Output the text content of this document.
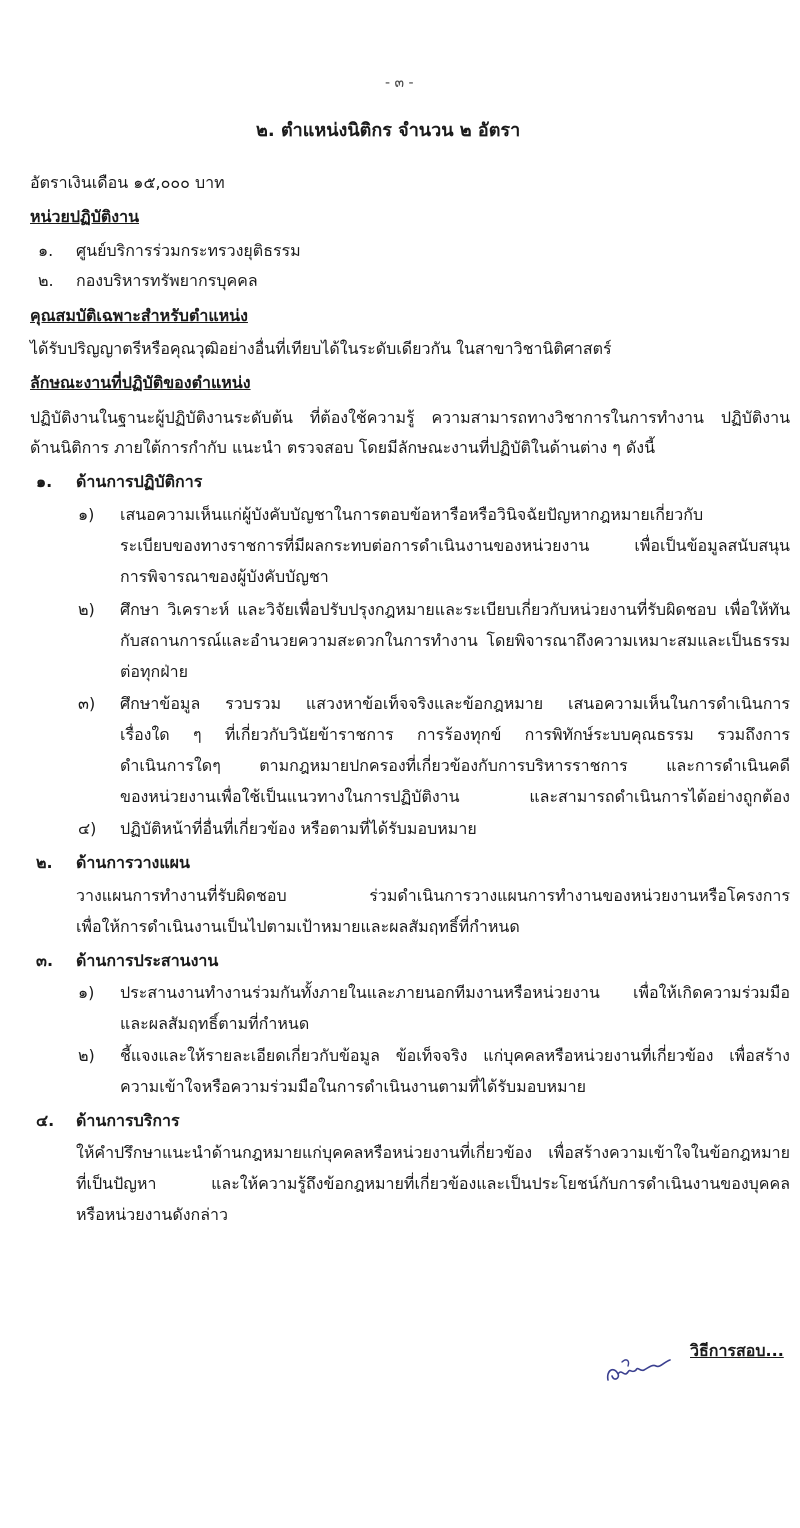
- ๓ -
๒. ตำแหน่งนิติกร จำนวน ๒ อัตรา
อัตราเงินเดือน ๑๕,๐๐๐ บาท
หน่วยปฏิบัติงาน
๑. ศูนย์บริการร่วมกระทรวงยุติธรรม
๒. กองบริหารทรัพยากรบุคคล
คุณสมบัติเฉพาะสำหรับตำแหน่ง
ได้รับปริญญาตรีหรือคุณวุฒิอย่างอื่นที่เทียบได้ในระดับเดียวกัน ในสาขาวิชานิติศาสตร์
ลักษณะงานที่ปฏิบัติของตำแหน่ง
ปฏิบัติงานในฐานะผู้ปฏิบัติงานระดับต้น ที่ต้องใช้ความรู้ ความสามารถทางวิชาการในการทำงาน ปฏิบัติงาน
ด้านนิติการ ภายใต้การกำกับ แนะนำ ตรวจสอบ โดยมีลักษณะงานที่ปฏิบัติในด้านต่าง ๆ ดังนี้
๑. ด้านการปฏิบัติการ
๑) เสนอความเห็นแก่ผู้บังคับบัญชาในการตอบข้อหารือหรือวินิจฉัยปัญหากฎหมายเกี่ยวกับ
ระเบียบของทางราชการที่มีผลกระทบต่อการดำเนินงานของหน่วยงาน เพื่อเป็นข้อมูลสนับสนุน
การพิจารณาของผู้บังคับบัญชา
๒) ศึกษา วิเคราะห์ และวิจัยเพื่อปรับปรุงกฎหมายและระเบียบเกี่ยวกับหน่วยงานที่รับผิดชอบ เพื่อให้ทัน
กับสถานการณ์และอำนวยความสะดวกในการทำงาน โดยพิจารณาถึงความเหมาะสมและเป็นธรรม
ต่อทุกฝ่าย
๓) ศึกษาข้อมูล รวบรวม แสวงหาข้อเท็จจริงและข้อกฎหมาย เสนอความเห็นในการดำเนินการ
เรื่องใด ๆ ที่เกี่ยวกับวินัยข้าราชการ การร้องทุกข์ การพิทักษ์ระบบคุณธรรม รวมถึงการ
ดำเนินการใดๆ ตามกฎหมายปกครองที่เกี่ยวข้องกับการบริหารราชการ และการดำเนินคดี
ของหน่วยงานเพื่อใช้เป็นแนวทางในการปฏิบัติงาน และสามารถดำเนินการได้อย่างถูกต้อง
๔) ปฏิบัติหน้าที่อื่นที่เกี่ยวข้อง หรือตามที่ได้รับมอบหมาย
๒. ด้านการวางแผน
วางแผนการทำงานที่รับผิดชอบ ร่วมดำเนินการวางแผนการทำงานของหน่วยงานหรือโครงการ
เพื่อให้การดำเนินงานเป็นไปตามเป้าหมายและผลสัมฤทธิ์ที่กำหนด
๓. ด้านการประสานงาน
๑) ประสานงานทำงานร่วมกันทั้งภายในและภายนอกทีมงานหรือหน่วยงาน เพื่อให้เกิดความร่วมมือ
และผลสัมฤทธิ์ตามที่กำหนด
๒) ชี้แจงและให้รายละเอียดเกี่ยวกับข้อมูล ข้อเท็จจริง แก่บุคคลหรือหน่วยงานที่เกี่ยวข้อง เพื่อสร้าง
ความเข้าใจหรือความร่วมมือในการดำเนินงานตามที่ได้รับมอบหมาย
๔. ด้านการบริการ
ให้คำปรึกษาแนะนำด้านกฎหมายแก่บุคคลหรือหน่วยงานที่เกี่ยวข้อง เพื่อสร้างความเข้าใจในข้อกฎหมาย
ที่เป็นปัญหา และให้ความรู้ถึงข้อกฎหมายที่เกี่ยวข้องและเป็นประโยชน์กับการดำเนินงานของบุคคล
หรือหน่วยงานดังกล่าว
วิธีการสอบ...
